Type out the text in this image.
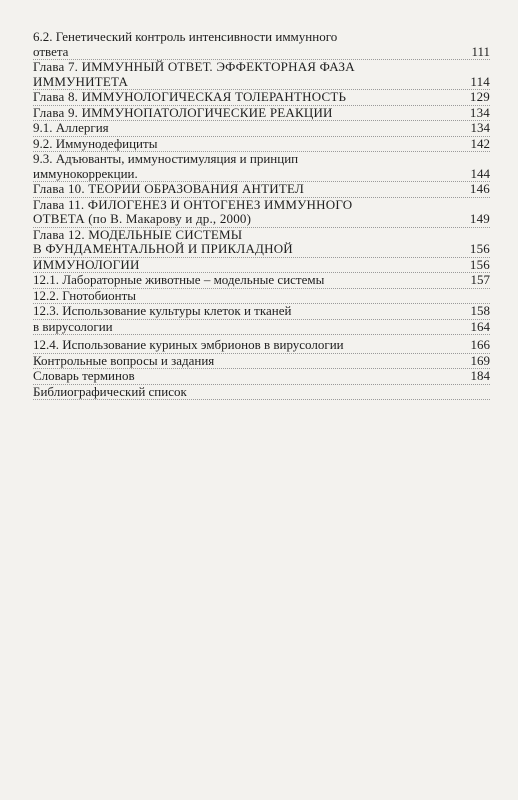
6.2. Генетический контроль интенсивности иммунного
ответа	111
Глава 7. ИММУННЫЙ ОТВЕТ. ЭФФЕКТОРНАЯ ФАЗА
ИММУНИТЕТА	114
Глава 8. ИММУНОЛОГИЧЕСКАЯ ТОЛЕРАНТНОСТЬ	129
Глава 9. ИММУНОПАТОЛОГИЧЕСКИЕ РЕАКЦИИ	134
9.1. Аллергия	134
9.2. Иммунодефициты	142
9.3. Адъюванты, иммуностимуляция и принцип
иммунокоррекции.	144
Глава 10. ТЕОРИИ ОБРАЗОВАНИЯ АНТИТЕЛ	146
Глава 11. ФИЛОГЕНЕЗ И ОНТОГЕНЕЗ ИММУННОГО
ОТВЕТА (по В. Макарову и др., 2000)	149
Глава 12. МОДЕЛЬНЫЕ СИСТЕМЫ
В ФУНДАМЕНТАЛЬНОЙ И ПРИКЛАДНОЙ	156
ИММУНОЛОГИИ	156
12.1. Лабораторные животные – модельные системы	157
12.2. Гнотобионты
12.3. Использование культуры клеток и тканей	158
в вирусологии	164
12.4. Использование куриных эмбрионов в вирусологии	166
Контрольные вопросы и задания	169
Словарь терминов	184
Библиографический список
